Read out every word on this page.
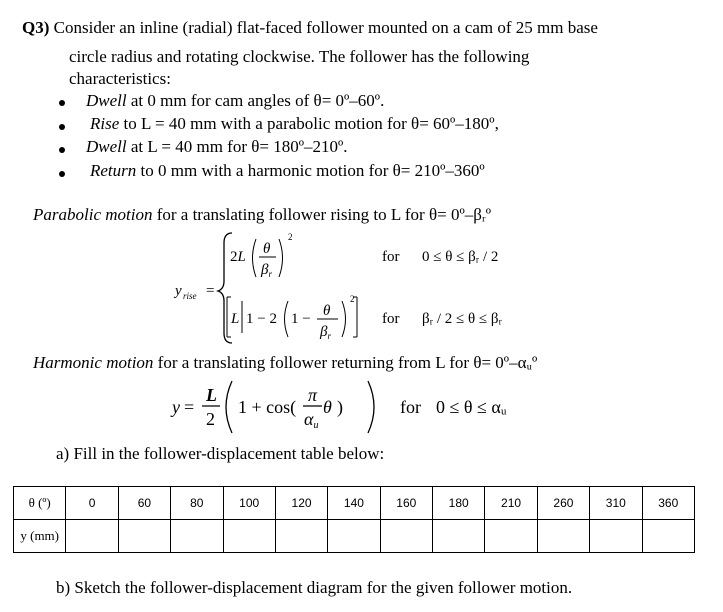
Q3) Consider an inline (radial) flat-faced follower mounted on a cam of 25 mm base
circle radius and rotating clockwise. The follower has the following
characteristics:
Dwell at 0 mm for cam angles of θ= 0º–60º.
Rise to L = 40 mm with a parabolic motion for θ= 60º–180º,
Dwell at L = 40 mm for θ= 180º–210º.
Return to 0 mm with a harmonic motion for θ= 210º–360º
Parabolic motion for a translating follower rising to L for θ= 0º–βᵣº
y rise =
2L θ
$\beta_r$
2
for 0 ≤ θ ≤ βᵣ / 2
L 1 − 2 1 − θ
$\beta_r$
2
for βᵣ / 2 ≤ θ ≤ βᵣ
Harmonic motion for a translating follower returning from L for θ= 0º–αᵤº
y =
L
2
1 + cos(
π
αu
θ )	for 0 ≤ θ ≤ αᵤ
a) Fill in the follower-displacement table below:
θ (º)	0	60	80	100	120	140	160	180	210	260	310	360
y (mm)												
b) Sketch the follower-displacement diagram for the given follower motion.
